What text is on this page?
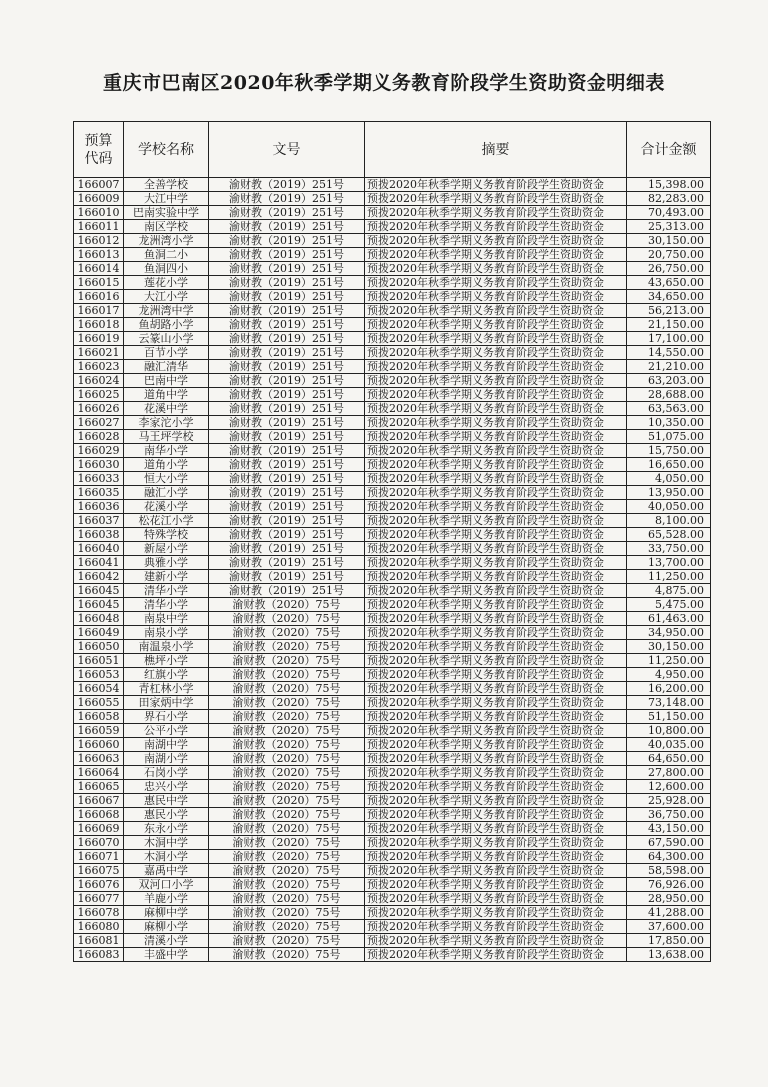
重庆市巴南区2020年秋季学期义务教育阶段学生资助资金明细表
预算
代码	学校名称	文号	摘要	合计金额
166007	全善学校	渝财教（2019）251号	预拨2020年秋季学期义务教育阶段学生资助资金	15,398.00
166009	大江中学	渝财教（2019）251号	预拨2020年秋季学期义务教育阶段学生资助资金	82,283.00
166010	巴南实验中学	渝财教（2019）251号	预拨2020年秋季学期义务教育阶段学生资助资金	70,493.00
166011	南区学校	渝财教（2019）251号	预拨2020年秋季学期义务教育阶段学生资助资金	25,313.00
166012	龙洲湾小学	渝财教（2019）251号	预拨2020年秋季学期义务教育阶段学生资助资金	30,150.00
166013	鱼洞二小	渝财教（2019）251号	预拨2020年秋季学期义务教育阶段学生资助资金	20,750.00
166014	鱼洞四小	渝财教（2019）251号	预拨2020年秋季学期义务教育阶段学生资助资金	26,750.00
166015	莲花小学	渝财教（2019）251号	预拨2020年秋季学期义务教育阶段学生资助资金	43,650.00
166016	大江小学	渝财教（2019）251号	预拨2020年秋季学期义务教育阶段学生资助资金	34,650.00
166017	龙洲湾中学	渝财教（2019）251号	预拨2020年秋季学期义务教育阶段学生资助资金	56,213.00
166018	鱼胡路小学	渝财教（2019）251号	预拨2020年秋季学期义务教育阶段学生资助资金	21,150.00
166019	云篆山小学	渝财教（2019）251号	预拨2020年秋季学期义务教育阶段学生资助资金	17,100.00
166021	百节小学	渝财教（2019）251号	预拨2020年秋季学期义务教育阶段学生资助资金	14,550.00
166023	融汇清华	渝财教（2019）251号	预拨2020年秋季学期义务教育阶段学生资助资金	21,210.00
166024	巴南中学	渝财教（2019）251号	预拨2020年秋季学期义务教育阶段学生资助资金	63,203.00
166025	道角中学	渝财教（2019）251号	预拨2020年秋季学期义务教育阶段学生资助资金	28,688.00
166026	花溪中学	渝财教（2019）251号	预拨2020年秋季学期义务教育阶段学生资助资金	63,563.00
166027	李家沱小学	渝财教（2019）251号	预拨2020年秋季学期义务教育阶段学生资助资金	10,350.00
166028	马王坪学校	渝财教（2019）251号	预拨2020年秋季学期义务教育阶段学生资助资金	51,075.00
166029	南华小学	渝财教（2019）251号	预拨2020年秋季学期义务教育阶段学生资助资金	15,750.00
166030	道角小学	渝财教（2019）251号	预拨2020年秋季学期义务教育阶段学生资助资金	16,650.00
166033	恒大小学	渝财教（2019）251号	预拨2020年秋季学期义务教育阶段学生资助资金	4,050.00
166035	融汇小学	渝财教（2019）251号	预拨2020年秋季学期义务教育阶段学生资助资金	13,950.00
166036	花溪小学	渝财教（2019）251号	预拨2020年秋季学期义务教育阶段学生资助资金	40,050.00
166037	松花江小学	渝财教（2019）251号	预拨2020年秋季学期义务教育阶段学生资助资金	8,100.00
166038	特殊学校	渝财教（2019）251号	预拨2020年秋季学期义务教育阶段学生资助资金	65,528.00
166040	新屋小学	渝财教（2019）251号	预拨2020年秋季学期义务教育阶段学生资助资金	33,750.00
166041	典雅小学	渝财教（2019）251号	预拨2020年秋季学期义务教育阶段学生资助资金	13,700.00
166042	建新小学	渝财教（2019）251号	预拨2020年秋季学期义务教育阶段学生资助资金	11,250.00
166045	清华小学	渝财教（2019）251号	预拨2020年秋季学期义务教育阶段学生资助资金	4,875.00
166045	清华小学	渝财教（2020）75号	预拨2020年秋季学期义务教育阶段学生资助资金	5,475.00
166048	南泉中学	渝财教（2020）75号	预拨2020年秋季学期义务教育阶段学生资助资金	61,463.00
166049	南泉小学	渝财教（2020）75号	预拨2020年秋季学期义务教育阶段学生资助资金	34,950.00
166050	南温泉小学	渝财教（2020）75号	预拨2020年秋季学期义务教育阶段学生资助资金	30,150.00
166051	樵坪小学	渝财教（2020）75号	预拨2020年秋季学期义务教育阶段学生资助资金	11,250.00
166053	红旗小学	渝财教（2020）75号	预拨2020年秋季学期义务教育阶段学生资助资金	4,950.00
166054	青杠林小学	渝财教（2020）75号	预拨2020年秋季学期义务教育阶段学生资助资金	16,200.00
166055	田家炳中学	渝财教（2020）75号	预拨2020年秋季学期义务教育阶段学生资助资金	73,148.00
166058	界石小学	渝财教（2020）75号	预拨2020年秋季学期义务教育阶段学生资助资金	51,150.00
166059	公平小学	渝财教（2020）75号	预拨2020年秋季学期义务教育阶段学生资助资金	10,800.00
166060	南湖中学	渝财教（2020）75号	预拨2020年秋季学期义务教育阶段学生资助资金	40,035.00
166063	南湖小学	渝财教（2020）75号	预拨2020年秋季学期义务教育阶段学生资助资金	64,650.00
166064	石岗小学	渝财教（2020）75号	预拨2020年秋季学期义务教育阶段学生资助资金	27,800.00
166065	忠兴小学	渝财教（2020）75号	预拨2020年秋季学期义务教育阶段学生资助资金	12,600.00
166067	惠民中学	渝财教（2020）75号	预拨2020年秋季学期义务教育阶段学生资助资金	25,928.00
166068	惠民小学	渝财教（2020）75号	预拨2020年秋季学期义务教育阶段学生资助资金	36,750.00
166069	东永小学	渝财教（2020）75号	预拨2020年秋季学期义务教育阶段学生资助资金	43,150.00
166070	木洞中学	渝财教（2020）75号	预拨2020年秋季学期义务教育阶段学生资助资金	67,590.00
166071	木洞小学	渝财教（2020）75号	预拨2020年秋季学期义务教育阶段学生资助资金	64,300.00
166075	嘉禹中学	渝财教（2020）75号	预拨2020年秋季学期义务教育阶段学生资助资金	58,598.00
166076	双河口小学	渝财教（2020）75号	预拨2020年秋季学期义务教育阶段学生资助资金	76,926.00
166077	羊鹿小学	渝财教（2020）75号	预拨2020年秋季学期义务教育阶段学生资助资金	28,950.00
166078	麻柳中学	渝财教（2020）75号	预拨2020年秋季学期义务教育阶段学生资助资金	41,288.00
166080	麻柳小学	渝财教（2020）75号	预拨2020年秋季学期义务教育阶段学生资助资金	37,600.00
166081	清溪小学	渝财教（2020）75号	预拨2020年秋季学期义务教育阶段学生资助资金	17,850.00
166083	丰盛中学	渝财教（2020）75号	预拨2020年秋季学期义务教育阶段学生资助资金	13,638.00
